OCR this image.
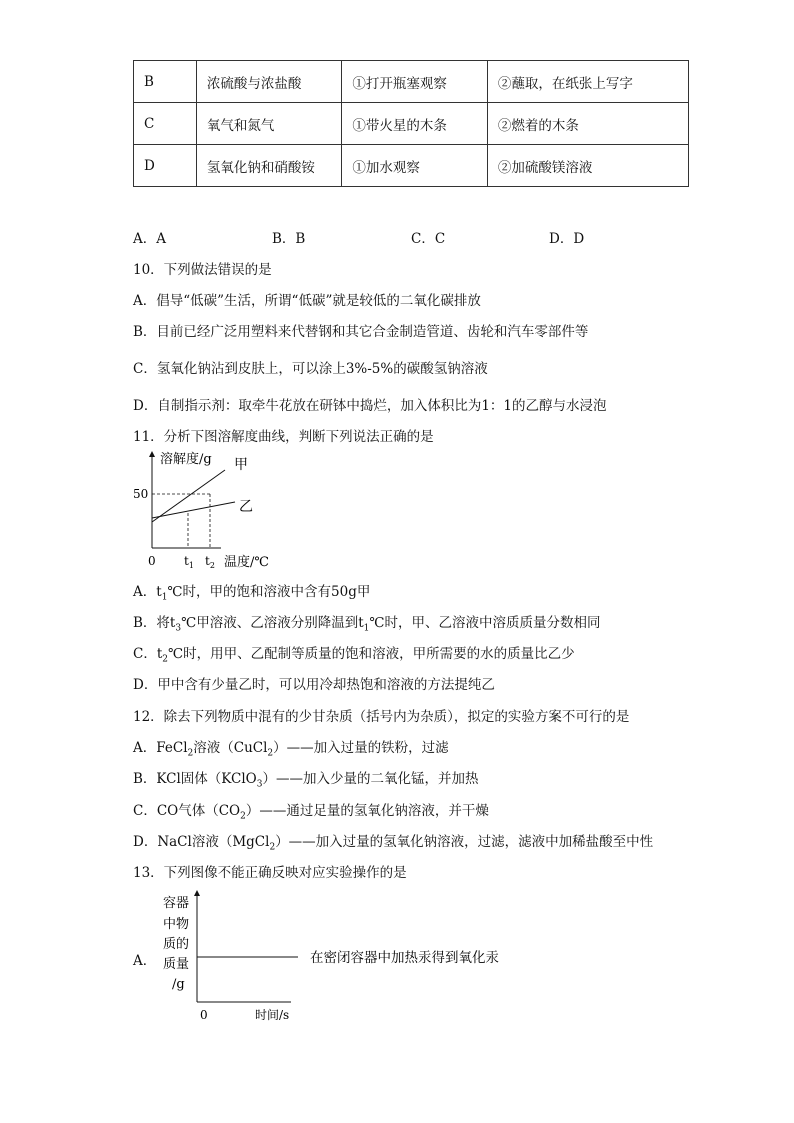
B	浓硫酸与浓盐酸	①打开瓶塞观察	②蘸取，在纸张上写字
C	氧气和氮气	①带火星的木条	②燃着的木条
D	氢氧化钠和硝酸铵	①加水观察	②加硫酸镁溶液
A．A	B．B	C．C	D．D
10．下列做法错误的是
A．倡导“低碳”生活，所谓“低碳”就是较低的二氧化碳排放
B．目前已经广泛用塑料来代替钢和其它合金制造管道、齿轮和汽车零部件等
C．氢氧化钠沾到皮肤上，可以涂上3%-5%的碳酸氢钠溶液
D．自制指示剂：取牵牛花放在研钵中捣烂，加入体积比为1：1的乙醇与水浸泡
11．分析下图溶解度曲线，判断下列说法正确的是
溶解度/g
50
甲
乙
0 $t_1$ $t_2$ 温度/℃
A．$t_1℃$时，甲的饱和溶液中含有50g甲
B．将$t_3℃$甲溶液、乙溶液分别降温到$t_1℃$时，甲、乙溶液中溶质质量分数相同
C．$t_2℃$时，用甲、乙配制等质量的饱和溶液，甲所需要的水的质量比乙少
D．甲中含有少量乙时，可以用冷却热饱和溶液的方法提纯乙
12．除去下列物质中混有的少甘杂质（括号内为杂质），拟定的实验方案不可行的是
A．FeCl$_2$溶液（CuCl$_2$）——加入过量的铁粉，过滤
B．KCl固体（KClO$_3$）——加入少量的二氧化锰，并加热
C．CO气体$(CO_2)——$通过足量的氢氧化钠溶液，并干燥
D．NaCl溶液（MgCl$_2$）——加入过量的氢氧化钠溶液，过滤，滤液中加稀盐酸至中性
13．下列图像不能正确反映对应实验操作的是
A．
容器
中物
质的
质量
/g
0	时间/s
在密闭容器中加热汞得到氧化汞
